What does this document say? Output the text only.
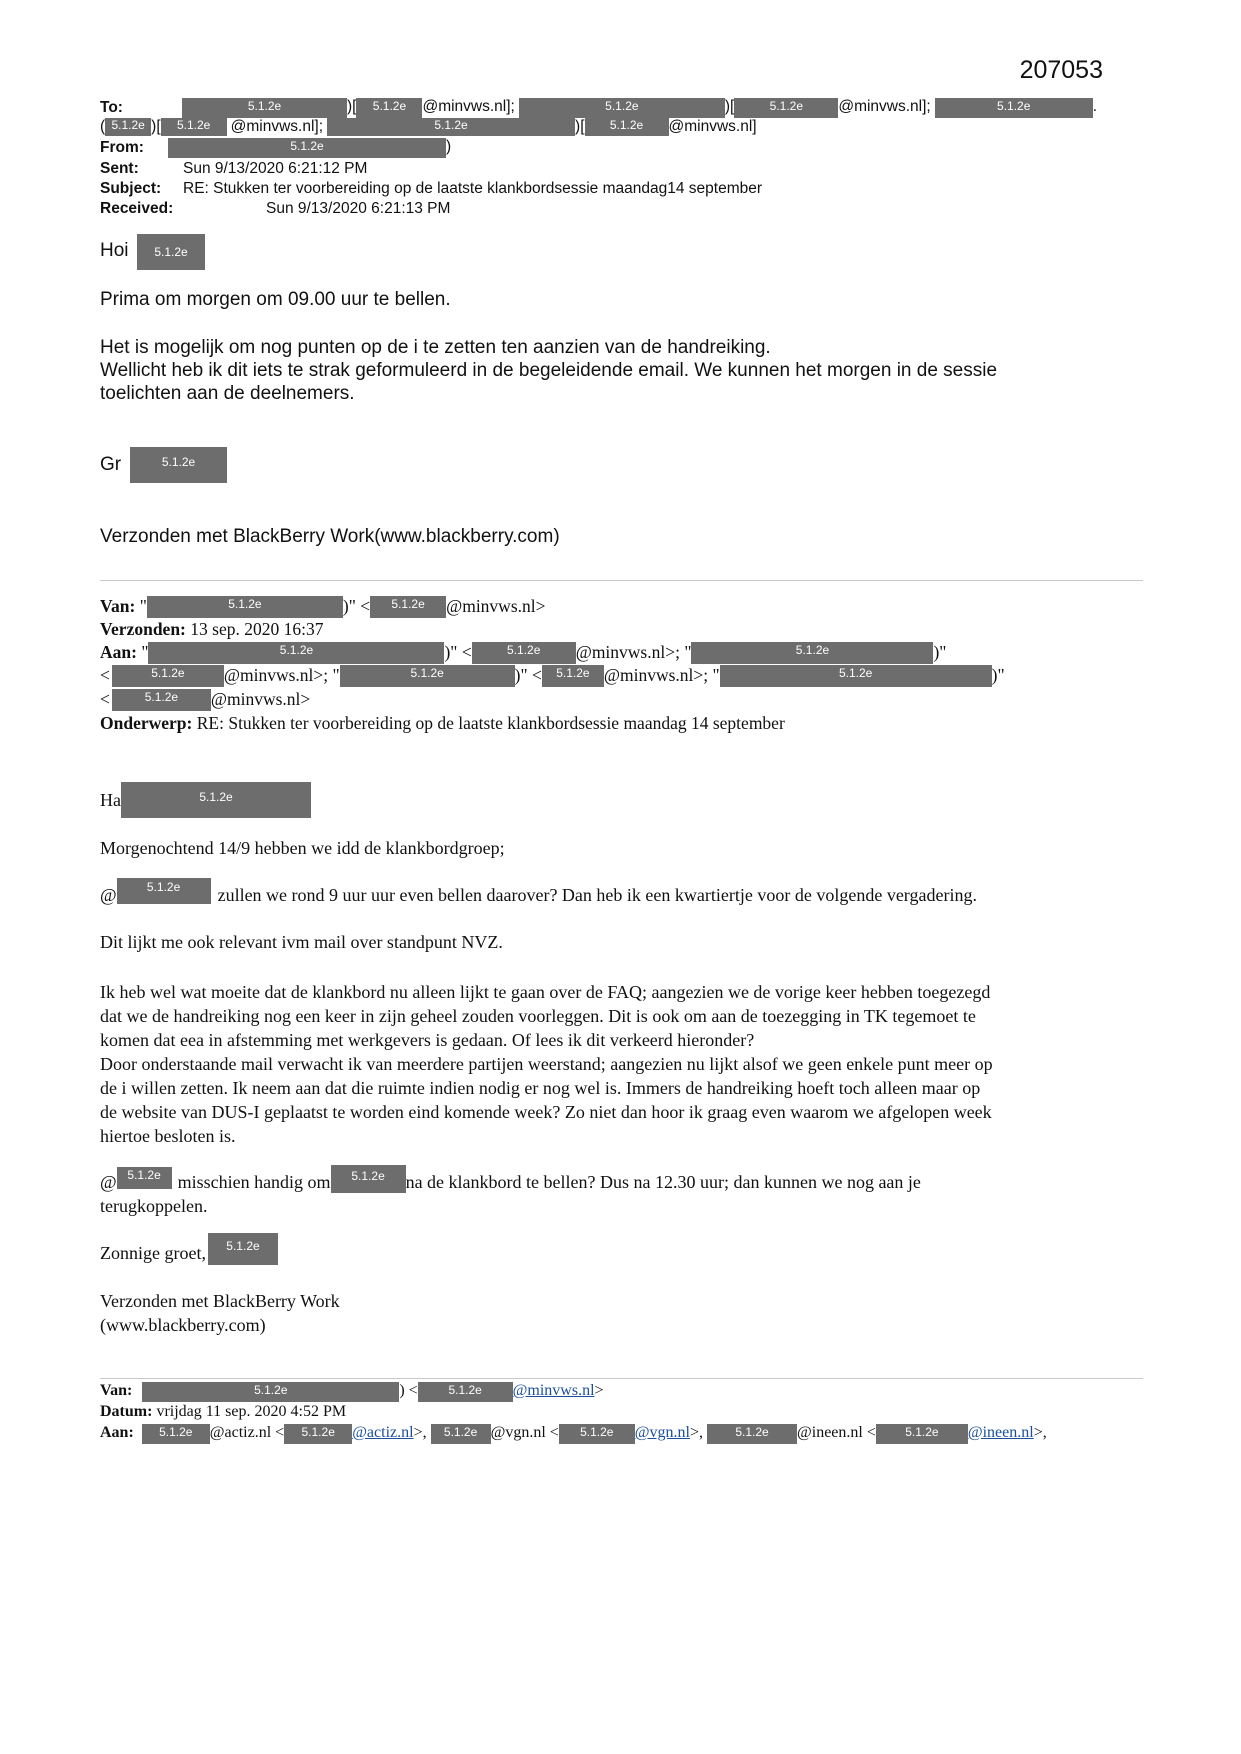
207053
To:	5.1.2e	)[ 5.1.2e @minvws.nl];	5.1.2e	)[	5.1.2e @minvws.nl];	5.1.2e	.
( 5.1.2e )[ 5.1.2e @minvws.nl];	5.1.2e	)[ 5.1.2e @minvws.nl]
From:	5.1.2e	)
Sent:	Sun 9/13/2020 6:21:12 PM
Subject: RE: Stukken ter voorbereiding op de laatste klankbordsessie maandag14 september
Received:	Sun 9/13/2020 6:21:13 PM
Hoi	5.1.2e
Prima om morgen om 09.00 uur te bellen.
Het is mogelijk om nog punten op de i te zetten ten aanzien van de handreiking.
Wellicht heb ik dit iets te strak geformuleerd in de begeleidende email. We kunnen het morgen in de sessie
toelichten aan de deelnemers.
Gr	5.1.2e
Verzonden met BlackBerry Work(www.blackberry.com)
Van: "	5.1.2e	)" < 5.1.2e @minvws.nl>
Verzonden: 13 sep. 2020 16:37
Aan: "	5.1.2e	)" <	5.1.2e @minvws.nl>; "	5.1.2e	)"
<	5.1.2e @minvws.nl>; "	5.1.2e	)" < 5.1.2e @minvws.nl>; "	5.1.2e	)"
<	5.1.2e @minvws.nl>
Onderwerp: RE: Stukken ter voorbereiding op de laatste klankbordsessie maandag 14 september
Ha	5.1.2e
Morgenochtend 14/9 hebben we idd de klankbordgroep;
@	5.1.2e zullen we rond 9 uur uur even bellen daarover? Dan heb ik een kwartiertje voor de volgende vergadering.
Dit lijkt me ook relevant ivm mail over standpunt NVZ.
Ik heb wel wat moeite dat de klankbord nu alleen lijkt te gaan over de FAQ; aangezien we de vorige keer hebben toegezegd
dat we de handreiking nog een keer in zijn geheel zouden voorleggen. Dit is ook om aan de toezegging in TK tegemoet te
komen dat eea in afstemming met werkgevers is gedaan. Of lees ik dit verkeerd hieronder?
Door onderstaande mail verwacht ik van meerdere partijen weerstand; aangezien nu lijkt alsof we geen enkele punt meer op
de i willen zetten. Ik neem aan dat die ruimte indien nodig er nog wel is. Immers de handreiking hoeft toch alleen maar op
de website van DUS-I geplaatst te worden eind komende week? Zo niet dan hoor ik graag even waarom we afgelopen week
hiertoe besloten is.
@ 5.1.2e misschien handig om 5.1.2e na de klankbord te bellen? Dus na 12.30 uur; dan kunnen we nog aan je
terugkoppelen.
Zonnige groet, 5.1.2e
Verzonden met BlackBerry Work
(www.blackberry.com)
Van:	5.1.2e	) <	5.1.2e @minvws.nl>
Datum: vrijdag 11 sep. 2020 4:52 PM
Aan: 5.1.2e @actiz.nl < 5.1.2e @actiz.nl>, 5.1.2e @vgn.nl < 5.1.2e @vgn.nl>,	5.1.2e @ineen.nl < 5.1.2e @ineen.nl>,
